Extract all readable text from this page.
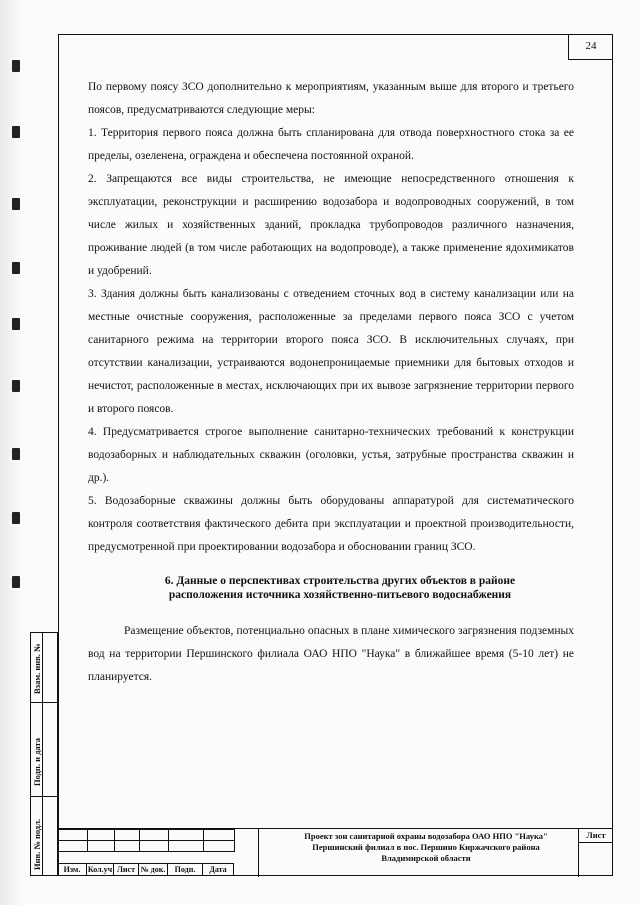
24

По первому поясу ЗСО дополнительно к мероприятиям, указанным выше для второго и третьего поясов, предусматриваются следующие меры:

1. Территория первого пояса должна быть спланирована для отвода поверхностного стока за ее пределы, озеленена, ограждена и обеспечена постоянной охраной.

2. Запрещаются все виды строительства, не имеющие непосредственного отношения к эксплуатации, реконструкции и расширению водозабора и водопроводных сооружений, в том числе жилых и хозяйственных зданий, прокладка трубопроводов различного назначения, проживание людей (в том числе работающих на водопроводе), а также применение ядохимикатов и удобрений.

3. Здания должны быть канализованы с отведением сточных вод в систему канализации или на местные очистные сооружения, расположенные за пределами первого пояса ЗСО с учетом санитарного режима на территории второго пояса ЗСО. В исключительных случаях, при отсутствии канализации, устраиваются водонепроницаемые приемники для бытовых отходов и нечистот, расположенные в местах, исключающих при их вывозе загрязнение территории первого и второго поясов.

4. Предусматривается строгое выполнение санитарно-технических требований к конструкции водозаборных и наблюдательных скважин (оголовки, устья, затрубные пространства скважин и др.).

5. Водозаборные скважины должны быть оборудованы аппаратурой для систематического контроля соответствия фактического дебита при эксплуатации и проектной производительности, предусмотренной при проектировании водозабора и обосновании границ ЗСО.

6. Данные о перспективах строительства других объектов в районе расположения источника хозяйственно-питьевого водоснабжения

Размещение объектов, потенциально опасных в плане химического загрязнения подземных вод на территории Першинского филиала ОАО НПО "Наука" в ближайшее время (5-10 лет) не планируется.

Взам. инв. №
Подп. и дата
Инв. № подл.

						Изм. Кол.уч Лист № док.	Подп.	Дата
Проект зон санитарной охраны водозабора ОАО НПО "Наука"
Першинский филиал в пос. Першино Киржачского района
Владимирской области
Лист
